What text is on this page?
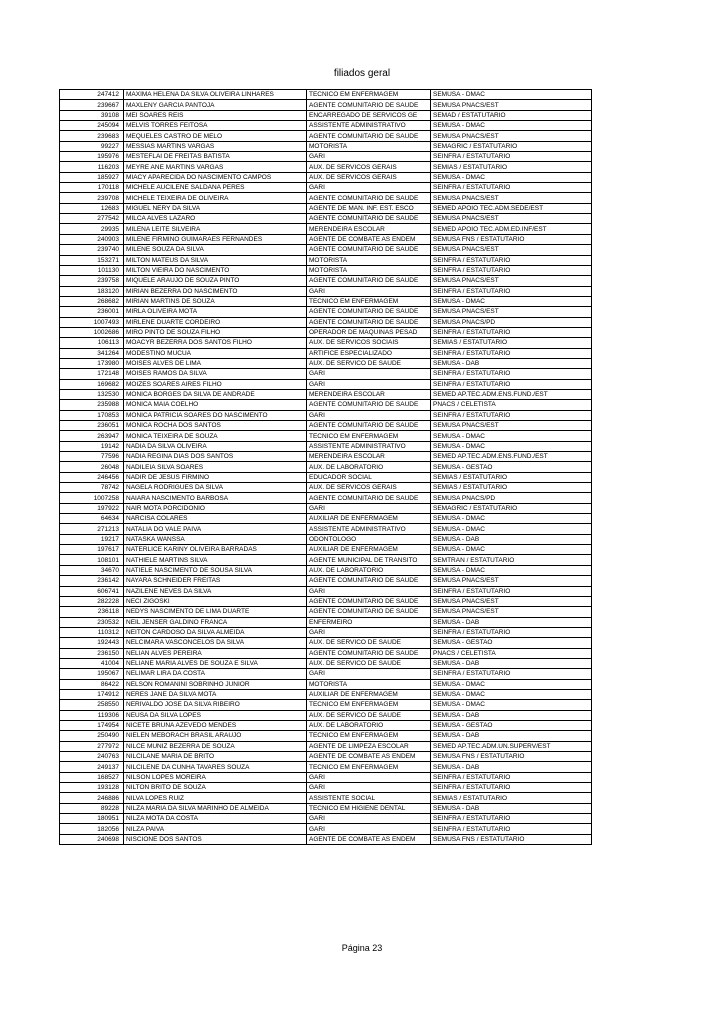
filiados geral
247412	MAXIMA HELENA DA SILVA OLIVEIRA LINHARES	TECNICO EM ENFERMAGEM	SEMUSA - DMAC
239667	MAXLENY GARCIA PANTOJA	AGENTE COMUNITARIO DE SAUDE	SEMUSA PNACS/EST
39108	MEI SOARES REIS	ENCARREGADO DE SERVICOS GE	SEMAD / ESTATUTARIO
245094	MELVIS TORRES FEITOSA	ASSISTENTE ADMINISTRATIVO	SEMUSA - DMAC
239683	MEQUELES CASTRO DE MELO	AGENTE COMUNITARIO DE SAUDE	SEMUSA PNACS/EST
99227	MESSIAS MARTINS VARGAS	MOTORISTA	SEMAGRIC / ESTATUTARIO
195976	MESTEFLAI DE FREITAS BATISTA	GARI	SEINFRA / ESTATUTARIO
116203	MEYRE ANE MARTINS VARGAS	AUX. DE SERVICOS GERAIS	SEMIAS / ESTATUTARIO
185927	MIACY APARECIDA DO NASCIMENTO CAMPOS	AUX. DE SERVICOS GERAIS	SEMUSA - DMAC
170118	MICHELE AUCILENE SALDANA PERES	GARI	SEINFRA / ESTATUTARIO
239708	MICHELE TEIXEIRA DE OLIVEIRA	AGENTE COMUNITARIO DE SAUDE	SEMUSA PNACS/EST
12683	MIGUEL NERY DA SILVA	AGENTE DE MAN. INF. EST. ESCO	SEMED APOIO TEC.ADM.SEDE/EST
277542	MILCA ALVES LAZARO	AGENTE COMUNITARIO DE SAUDE	SEMUSA PNACS/EST
29935	MILENA LEITE SILVEIRA	MERENDEIRA ESCOLAR	SEMED APOIO TEC.ADM.ED.INF/EST
240903	MILENE FIRMINO GUIMARAES FERNANDES	AGENTE DE COMBATE AS ENDEM	SEMUSA FNS / ESTATUTARIO
239740	MILENE SOUZA DA SILVA	AGENTE COMUNITARIO DE SAUDE	SEMUSA PNACS/EST
153271	MILTON MATEUS DA SILVA	MOTORISTA	SEINFRA / ESTATUTARIO
101130	MILTON VIEIRA DO NASCIMENTO	MOTORISTA	SEINFRA / ESTATUTARIO
239758	MIQUELE ARAUJO DE SOUZA PINTO	AGENTE COMUNITARIO DE SAUDE	SEMUSA PNACS/EST
183120	MIRIAN BEZERRA DO NASCIMENTO	GARI	SEINFRA / ESTATUTARIO
268682	MIRIAN MARTINS DE SOUZA	TECNICO EM ENFERMAGEM	SEMUSA - DMAC
236001	MIRLA OLIVEIRA MOTA	AGENTE COMUNITARIO DE SAUDE	SEMUSA PNACS/EST
1007493	MIRLENE DUARTE CORDEIRO	AGENTE COMUNITARIO DE SAUDE	SEMUSA PNACS/PD
1002686	MIRO PINTO DE SOUZA FILHO	OPERADOR DE MAQUINAS PESAD	SEINFRA / ESTATUTARIO
106113	MOACYR BEZERRA DOS SANTOS FILHO	AUX. DE SERVICOS SOCIAIS	SEMIAS / ESTATUTARIO
341264	MODESTINO MUCUA	ARTIFICE ESPECIALIZADO	SEINFRA / ESTATUTARIO
173980	MOISES ALVES DE LIMA	AUX. DE SERVICO DE SAUDE	SEMUSA - DAB
172148	MOISES RAMOS DA SILVA	GARI	SEINFRA / ESTATUTARIO
169682	MOIZES SOARES AIRES FILHO	GARI	SEINFRA / ESTATUTARIO
132530	MONICA BORGES DA SILVA DE ANDRADE	MERENDEIRA ESCOLAR	SEMED AP.TEC.ADM.ENS.FUND./EST
235988	MONICA MAIA COELHO	AGENTE COMUNITARIO DE SAUDE	PNACS / CELETISTA
170853	MONICA PATRICIA SOARES DO NASCIMENTO	GARI	SEINFRA / ESTATUTARIO
236051	MONICA ROCHA DOS SANTOS	AGENTE COMUNITARIO DE SAUDE	SEMUSA PNACS/EST
263947	MONICA TEIXEIRA DE SOUZA	TECNICO EM ENFERMAGEM	SEMUSA - DMAC
19142	NADIA DA SILVA OLIVEIRA	ASSISTENTE ADMINISTRATIVO	SEMUSA - DMAC
77596	NADIA REGINA DIAS DOS SANTOS	MERENDEIRA ESCOLAR	SEMED AP.TEC.ADM.ENS.FUND./EST
26048	NADILEIA SILVA SOARES	AUX. DE LABORATORIO	SEMUSA - GESTAO
246456	NADIR DE JESUS FIRMINO	EDUCADOR SOCIAL	SEMIAS / ESTATUTARIO
78742	NAGELA RODRIGUES DA SILVA	AUX. DE SERVICOS GERAIS	SEMIAS / ESTATUTARIO
1007258	NAIARA NASCIMENTO BARBOSA	AGENTE COMUNITARIO DE SAUDE	SEMUSA PNACS/PD
197922	NAIR MOTA PORCIDONIO	GARI	SEMAGRIC / ESTATUTARIO
64634	NARCISA COLARES	AUXILIAR DE ENFERMAGEM	SEMUSA - DMAC
271213	NATALIA DO VALE PAIVA	ASSISTENTE ADMINISTRATIVO	SEMUSA - DMAC
19217	NATASKA WANSSA	ODONTOLOGO	SEMUSA - DAB
197617	NATERLICE KARINY OLIVEIRA BARRADAS	AUXILIAR DE ENFERMAGEM	SEMUSA - DMAC
108101	NATHIELE MARTINS SILVA	AGENTE MUNICIPAL DE TRANSITO	SEMTRAN / ESTATUTARIO
34670	NATIELE NASCIMENTO DE SOUSA SILVA	AUX. DE LABORATORIO	SEMUSA - DMAC
236142	NAYARA SCHNEIDER FREITAS	AGENTE COMUNITARIO DE SAUDE	SEMUSA PNACS/EST
606741	NAZILENE NEVES DA SILVA	GARI	SEINFRA / ESTATUTARIO
282228	NECI ZIGOSKI	AGENTE COMUNITARIO DE SAUDE	SEMUSA PNACS/EST
236118	NEDYS NASCIMENTO DE LIMA DUARTE	AGENTE COMUNITARIO DE SAUDE	SEMUSA PNACS/EST
230532	NEIL JENSER GALDINO FRANCA	ENFERMEIRO	SEMUSA - DAB
110312	NEITON CARDOSO DA SILVA ALMEIDA	GARI	SEINFRA / ESTATUTARIO
192443	NELCIMARA VASCONCELOS DA SILVA	AUX. DE SERVICO DE SAUDE	SEMUSA - GESTAO
236150	NELIAN ALVES PEREIRA	AGENTE COMUNITARIO DE SAUDE	PNACS / CELETISTA
41004	NELIANE MARIA ALVES DE SOUZA E SILVA	AUX. DE SERVICO DE SAUDE	SEMUSA - DAB
195067	NELIMAR LIRA DA COSTA	GARI	SEINFRA / ESTATUTARIO
86422	NELSON ROMANINI SOBRINHO JUNIOR	MOTORISTA	SEMUSA - DMAC
174912	NERES JANE DA SILVA MOTA	AUXILIAR DE ENFERMAGEM	SEMUSA - DMAC
258550	NERIVALDO JOSE DA SILVA RIBEIRO	TECNICO EM ENFERMAGEM	SEMUSA - DMAC
119306	NEUSA DA SILVA LOPES	AUX. DE SERVICO DE SAUDE	SEMUSA - DAB
174954	NICETE BRUNA AZEVEDO MENDES	AUX. DE LABORATORIO	SEMUSA - GESTAO
250490	NIELEN MEBORACH BRASIL ARAUJO	TECNICO EM ENFERMAGEM	SEMUSA - DAB
277972	NILCE MUNIZ BEZERRA DE SOUZA	AGENTE DE LIMPEZA ESCOLAR	SEMED AP.TEC.ADM.UN.SUPERV/EST
240763	NILCILANE MARIA DE BRITO	AGENTE DE COMBATE AS ENDEM	SEMUSA FNS / ESTATUTARIO
249137	NILCILENE DA CUNHA TAVARES SOUZA	TECNICO EM ENFERMAGEM	SEMUSA - DAB
168527	NILSON LOPES MOREIRA	GARI	SEINFRA / ESTATUTARIO
193128	NILTON BRITO DE SOUZA	GARI	SEINFRA / ESTATUTARIO
246886	NILVA LOPES RUIZ	ASSISTENTE SOCIAL	SEMIAS / ESTATUTARIO
89228	NILZA MARIA DA SILVA MARINHO DE ALMEIDA	TECNICO EM HIGIENE DENTAL	SEMUSA - DAB
180951	NILZA MOTA DA COSTA	GARI	SEINFRA / ESTATUTARIO
182056	NILZA PAIVA	GARI	SEINFRA / ESTATUTARIO
240698	NISCIONE DOS SANTOS	AGENTE DE COMBATE AS ENDEM	SEMUSA FNS / ESTATUTARIO
Página 23
